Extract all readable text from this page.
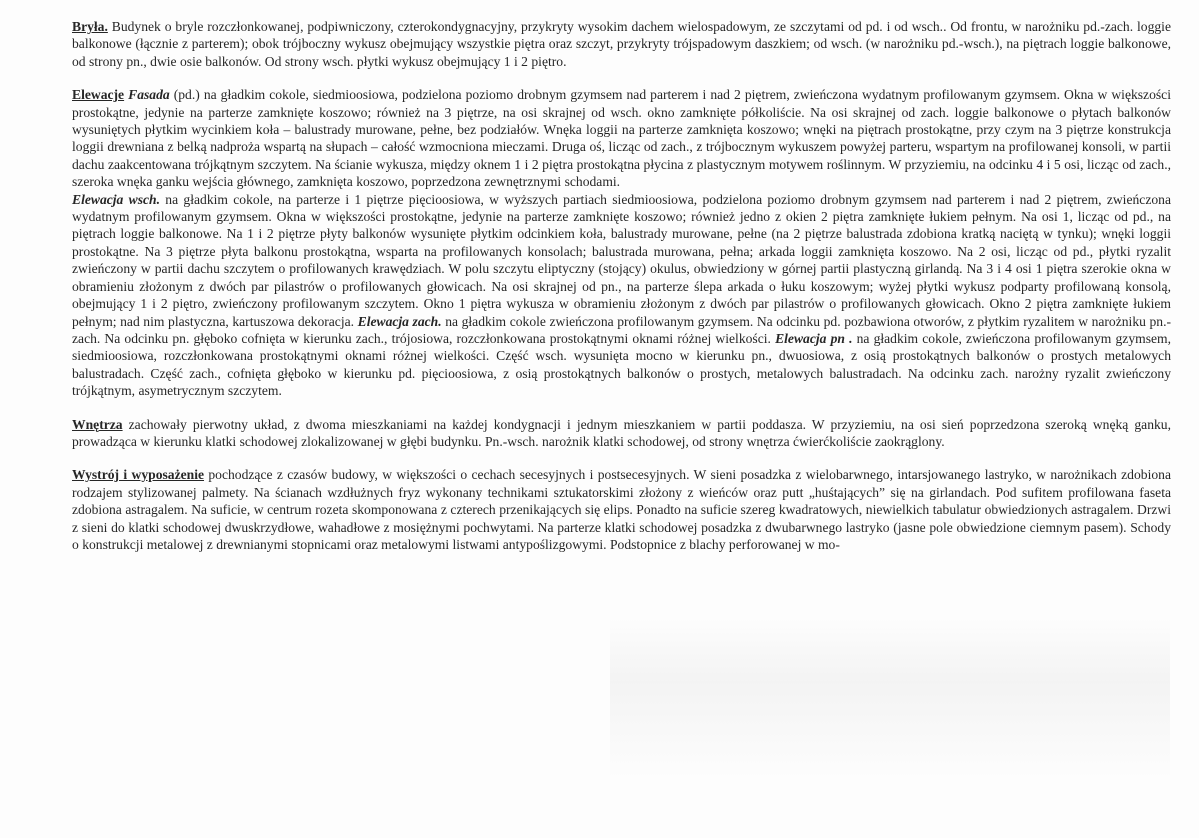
Bryła. Budynek o bryle rozczłonkowanej, podpiwniczony, czterokondygnacyjny, przykryty wysokim dachem wielospadowym, ze szczytami od pd. i od wsch.. Od frontu, w narożniku pd.-zach. loggie balkonowe (łącznie z parterem); obok trójboczny wykusz obejmujący wszystkie piętra oraz szczyt, przykryty trójspadowym daszkiem; od wsch. (w narożniku pd.-wsch.), na piętrach loggie balkonowe, od strony pn., dwie osie balkonów. Od strony wsch. płytki wykusz obejmujący 1 i 2 piętro.

Elewacje Fasada (pd.) na gładkim cokole, siedmioosiowa, podzielona poziomo drobnym gzymsem nad parterem i nad 2 piętrem, zwieńczona wydatnym profilowanym gzymsem. Okna w większości prostokątne, jedynie na parterze zamknięte koszowo; również na 3 piętrze, na osi skrajnej od wsch. okno zamknięte półkoliście. Na osi skrajnej od zach. loggie balkonowe o płytach balkonów wysuniętych płytkim wycinkiem koła – balustrady murowane, pełne, bez podziałów. Wnęka loggii na parterze zamknięta koszowo; wnęki na piętrach prostokątne, przy czym na 3 piętrze konstrukcja loggii drewniana z belką nadproża wspartą na słupach – całość wzmocniona mieczami. Druga oś, licząc od zach., z trójbocznym wykuszem powyżej parteru, wspartym na profilowanej konsoli, w partii dachu zaakcentowana trójkątnym szczytem. Na ścianie wykusza, między oknem 1 i 2 piętra prostokątna płycina z plastycznym motywem roślinnym. W przyziemiu, na odcinku 4 i 5 osi, licząc od zach., szeroka wnęka ganku wejścia głównego, zamknięta koszowo, poprzedzona zewnętrznymi schodami.
Elewacja wsch. na gładkim cokole, na parterze i 1 piętrze pięcioosiowa, w wyższych partiach siedmioosiowa, podzielona poziomo drobnym gzymsem nad parterem i nad 2 piętrem, zwieńczona wydatnym profilowanym gzymsem. Okna w większości prostokątne, jedynie na parterze zamknięte koszowo; również jedno z okien 2 piętra zamknięte łukiem pełnym. Na osi 1, licząc od pd., na piętrach loggie balkonowe. Na 1 i 2 piętrze płyty balkonów wysunięte płytkim odcinkiem koła, balustrady murowane, pełne (na 2 piętrze balustrada zdobiona kratką naciętą w tynku); wnęki loggii prostokątne. Na 3 piętrze płyta balkonu prostokątna, wsparta na profilowanych konsolach; balustrada murowana, pełna; arkada loggii zamknięta koszowo. Na 2 osi, licząc od pd., płytki ryzalit zwieńczony w partii dachu szczytem o profilowanych krawędziach. W polu szczytu eliptyczny (stojący) okulus, obwiedziony w górnej partii plastyczną girlandą. Na 3 i 4 osi 1 piętra szerokie okna w obramieniu złożonym z dwóch par pilastrów o profilowanych głowicach. Na osi skrajnej od pn., na parterze ślepa arkada o łuku koszowym; wyżej płytki wykusz podparty profilowaną konsolą, obejmujący 1 i 2 piętro, zwieńczony profilowanym szczytem. Okno 1 piętra wykusza w obramieniu złożonym z dwóch par pilastrów o profilowanych głowicach. Okno 2 piętra zamknięte łukiem pełnym; nad nim plastyczna, kartuszowa dekoracja. Elewacja zach. na gładkim cokole zwieńczona profilowanym gzymsem. Na odcinku pd. pozbawiona otworów, z płytkim ryzalitem w narożniku pn.-zach. Na odcinku pn. głęboko cofnięta w kierunku zach., trójosiowa, rozczłonkowana prostokątnymi oknami różnej wielkości. Elewacja pn . na gładkim cokole, zwieńczona profilowanym gzymsem, siedmioosiowa, rozczłonkowana prostokątnymi oknami różnej wielkości. Część wsch. wysunięta mocno w kierunku pn., dwuosiowa, z osią prostokątnych balkonów o prostych metalowych balustradach. Część zach., cofnięta głęboko w kierunku pd. pięcioosiowa, z osią prostokątnych balkonów o prostych, metalowych balustradach. Na odcinku zach. narożny ryzalit zwieńczony trójkątnym, asymetrycznym szczytem.

Wnętrza zachowały pierwotny układ, z dwoma mieszkaniami na każdej kondygnacji i jednym mieszkaniem w partii poddasza. W przyziemiu, na osi sień poprzedzona szeroką wnęką ganku, prowadząca w kierunku klatki schodowej zlokalizowanej w głębi budynku. Pn.-wsch. narożnik klatki schodowej, od strony wnętrza ćwierćkoliście zaokrąglony.

Wystrój i wyposażenie pochodzące z czasów budowy, w większości o cechach secesyjnych i postsecesyjnych. W sieni posadzka z wielobarwnego, intarsjowanego lastryko, w narożnikach zdobiona rodzajem stylizowanej palmety. Na ścianach wzdłużnych fryz wykonany technikami sztukatorskimi złożony z wieńców oraz putt „huśtających” się na girlandach. Pod sufitem profilowana faseta zdobiona astragalem. Na suficie, w centrum rozeta skomponowana z czterech przenikających się elips. Ponadto na suficie szereg kwadratowych, niewielkich tabulatur obwiedzionych astragalem. Drzwi z sieni do klatki schodowej dwuskrzydłowe, wahadłowe z mosiężnymi pochwytami. Na parterze klatki schodowej posadzka z dwubarwnego lastryko (jasne pole obwiedzione ciemnym pasem). Schody o konstrukcji metalowej z drewnianymi stopnicami oraz metalowymi listwami antypoślizgowymi. Podstopnice z blachy perforowanej w mo-
